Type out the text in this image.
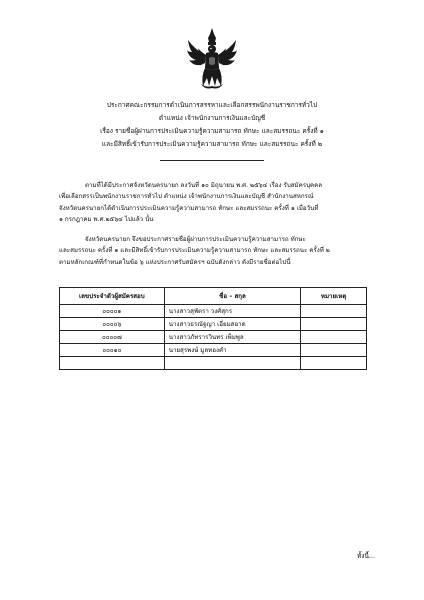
ประกาศคณะกรรมการดำเนินการสรรหาและเลือกสรรพนักงานราชการทั่วไป
ตำแหน่ง เจ้าพนักงานการเงินและบัญชี
เรื่อง รายชื่อผู้ผ่านการประเมินความรู้ความสามารถ ทักษะ และสมรรถนะ ครั้งที่ ๑
และมีสิทธิ์เข้ารับการประเมินความรู้ความสามารถ ทักษะ และสมรรถนะ ครั้งที่ ๒
ตามที่ได้มีประกาศจังหวัดนครนายก ลงวันที่ ๑๐ มิถุนายน พ.ศ. ๒๕๖๔ เรื่อง รับสมัครบุคคล
เพื่อเลือกสรรเป็นพนักงานราชการทั่วไป ตำแหน่ง เจ้าพนักงานการเงินและบัญชี สำนักงานสหกรณ์
จังหวัดนครนายกได้ดำเนินการประเมินความรู้ความสามารถ ทักษะ และสมรรถนะ ครั้งที่ ๑ เมื่อวันที่
๑ กรกฎาคม พ.ศ.๒๕๖๔ ไปแล้ว นั้น
จังหวัดนครนายก จึงขอประกาศรายชื่อผู้ผ่านการประเมินความรู้ความสามารถ ทักษะ
และสมรรถนะ ครั้งที่ ๑ และมีสิทธิ์เข้ารับการประเมินความรู้ความสามารถ ทักษะ และสมรรถนะ ครั้งที่ ๒
ตามหลักเกณฑ์ที่กำหนดในข้อ ๖ แห่งประกาศรับสมัครฯ ฉบับดังกล่าว ดังมีรายชื่อต่อไปนี้
เลขประจำตัวผู้สมัครสอบ	ชื่อ – สกุล	หมายเหตุ
๐๐๐๐๑	นางสาวสุพัตรา วงศ์สุกร	
๐๐๐๐๖	นางสาวธรณัฐญา เอี่ยมสอาด	
๐๐๐๐๗	นางสาวภัทรารวินทร เพ็มพูล	
๐๐๐๑๐	นายสุรพงษ์ มูลทองคำ	

ทั้งนี้...
